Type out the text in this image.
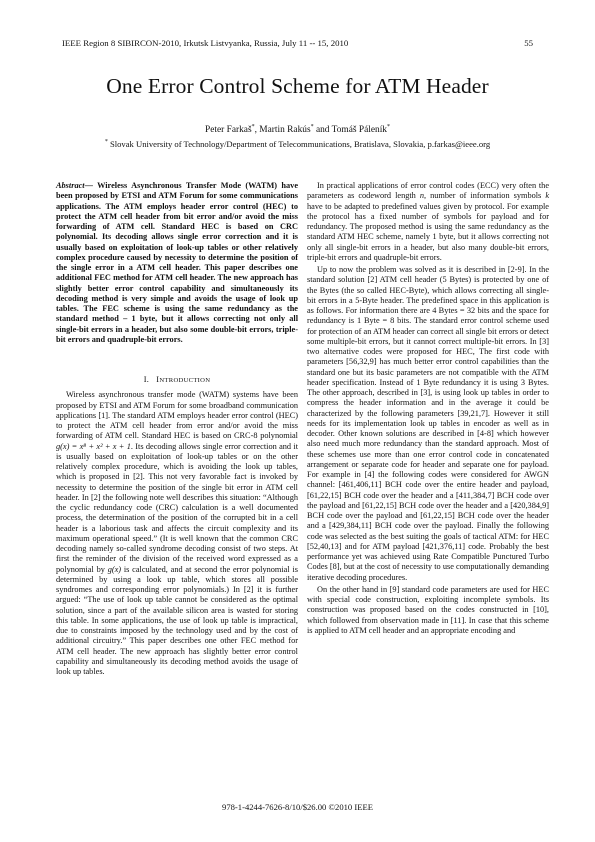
IEEE Region 8 SIBIRCON-2010, Irkutsk Listvyanka, Russia, July 11 -- 15, 2010	55
One Error Control Scheme for ATM Header
Peter Farkaš*, Martin Rakús* and Tomáš Páleník*
* Slovak University of Technology/Department of Telecommunications, Bratislava, Slovakia, p.farkas@ieee.org

Abstract— Wireless Asynchronous Transfer Mode (WATM) have been proposed by ETSI and ATM Forum for some communications applications. The ATM employs header error control (HEC) to protect the ATM cell header from bit error and/or avoid the miss forwarding of ATM cell. Standard HEC is based on CRC polynomial. Its decoding allows single error correction and it is usually based on exploitation of look-up tables or other relatively complex procedure caused by necessity to determine the position of the single error in a ATM cell header. This paper describes one additional FEC method for ATM cell header. The new approach has slightly better error control capability and simultaneously its decoding method is very simple and avoids the usage of look up tables. The FEC scheme is using the same redundancy as the standard method – 1 byte, but it allows correcting not only all single-bit errors in a header, but also some double-bit errors, triple-bit errors and quadruple-bit errors.

I. INTRODUCTION

Wireless asynchronous transfer mode (WATM) systems have been proposed by ETSI and ATM Forum for some broadband communication applications [1]. The standard ATM employs header error control (HEC) to protect the ATM cell header from error and/or avoid the miss forwarding of ATM cell. Standard HEC is based on CRC-8 polynomial g(x) = x⁸ + x² + x + 1. Its decoding allows single error correction and it is usually based on exploitation of look-up tables or on the other relatively complex procedure, which is avoiding the look up tables, which is proposed in [2]. This not very favorable fact is invoked by necessity to determine the position of the single bit error in ATM cell header. In [2] the following note well describes this situation: “Although the cyclic redundancy code (CRC) calculation is a well documented process, the determination of the position of the corrupted bit in a cell header is a laborious task and affects the circuit complexity and its maximum operational speed.” (It is well known that the common CRC decoding namely so-called syndrome decoding consist of two steps. At first the reminder of the division of the received word expressed as a polynomial by g(x) is calculated, and at second the error polynomial is determined by using a look up table, which stores all possible syndromes and corresponding error polynomials.) In [2] it is further argued: “The use of look up table cannot be considered as the optimal solution, since a part of the available silicon area is wasted for storing this table. In some applications, the use of look up table is impractical, due to constraints imposed by the technology used and by the cost of additional circuitry.” This paper describes one other FEC method for ATM cell header. The new approach has slightly better error control capability and simultaneously its decoding method avoids the usage of look up tables.

In practical applications of error control codes (ECC) very often the parameters as codeword length n, number of information symbols k have to be adapted to predefined values given by protocol. For example the protocol has a fixed number of symbols for payload and for redundancy. The proposed method is using the same redundancy as the standard ATM HEC scheme, namely 1 byte, but it allows correcting not only all single-bit errors in a header, but also many double-bit errors, triple-bit errors and quadruple-bit errors.

Up to now the problem was solved as it is described in [2-9]. In the standard solution [2] ATM cell header (5 Bytes) is protected by one of the Bytes (the so called HEC-Byte), which allows correcting all single-bit errors in a 5-Byte header. The predefined space in this application is as follows. For information there are 4 Bytes = 32 bits and the space for redundancy is 1 Byte = 8 bits. The standard error control scheme used for protection of an ATM header can correct all single bit errors or detect some multiple-bit errors, but it cannot correct multiple-bit errors. In [3] two alternative codes were proposed for HEC, The first code with parameters [56,32,9] has much better error control capabilities than the standard one but its basic parameters are not compatible with the ATM header specification. Instead of 1 Byte redundancy it is using 3 Bytes. The other approach, described in [3], is using look up tables in order to compress the header information and in the average it could be characterized by the following parameters [39,21,7]. However it still needs for its implementation look up tables in encoder as well as in decoder. Other known solutions are described in [4-8] which however also need much more redundancy than the standard approach. Most of these schemes use more than one error control code in concatenated arrangement or separate code for header and separate one for payload. For example in [4] the following codes were considered for AWGN channel: [461,406,11] BCH code over the entire header and payload, [61,22,15] BCH code over the header and a [411,384,7] BCH code over the payload and [61,22,15] BCH code over the header and a [420,384,9] BCH code over the payload and [61,22,15] BCH code over the header and a [429,384,11] BCH code over the payload. Finally the following code was selected as the best suiting the goals of tactical ATM: for HEC [52,40,13] and for ATM payload [421,376,11] code. Probably the best performance yet was achieved using Rate Compatible Punctured Turbo Codes [8], but at the cost of necessity to use computationally demanding iterative decoding procedures.

On the other hand in [9] standard code parameters are used for HEC with special code construction, exploiting incomplete symbols. Its construction was proposed based on the codes constructed in [10], which followed from observation made in [11]. In case that this scheme is applied to ATM cell header and an appropriate encoding and

978-1-4244-7626-8/10/$26.00 ©2010 IEEE
